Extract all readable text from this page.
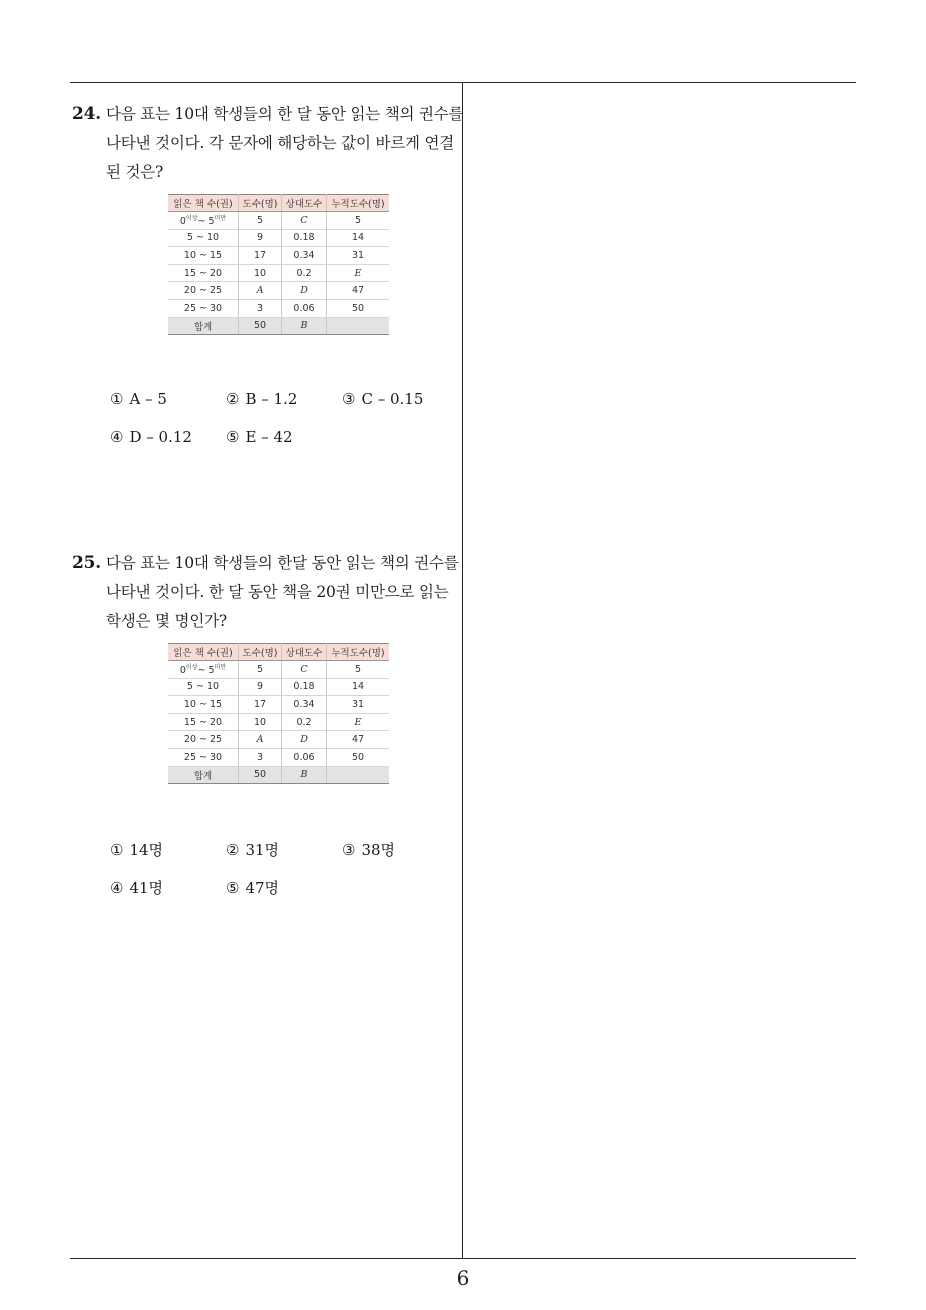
24. 다음 표는 10대 학생들의 한 달 동안 읽는 책의 권수를
나타낸 것이다. 각 문자에 해당하는 값이 바르게 연결
된 것은?
읽은 책 수(권)	도수(명)	상대도수	누적도수(명)
$0^{이상}\sim$ $5^{미만}$	5	C	5
5 ~ 10	9	0.18	14
10 ~ 15	17	0.34	31
15 ~ 20	10	0.2	E
20 ~ 25	A	D	47
25 ~ 30	3	0.06	50
합계	50	B	
① A – 5	② B – 1.2	③ C – 0.15
④ D – 0.12 ⑤ E – 42
25. 다음 표는 10대 학생들의 한달 동안 읽는 책의 권수를
나타낸 것이다. 한 달 동안 책을 20권 미만으로 읽는
학생은 몇 명인가?
읽은 책 수(권)	도수(명)	상대도수	누적도수(명)
$0^{이상}\sim$ $5^{미만}$	5	C	5
5 ~ 10	9	0.18	14
10 ~ 15	17	0.34	31
15 ~ 20	10	0.2	E
20 ~ 25	A	D	47
25 ~ 30	3	0.06	50
합계	50	B	
① 14명	② 31명	③ 38명
④ 41명	⑤ 47명
6
